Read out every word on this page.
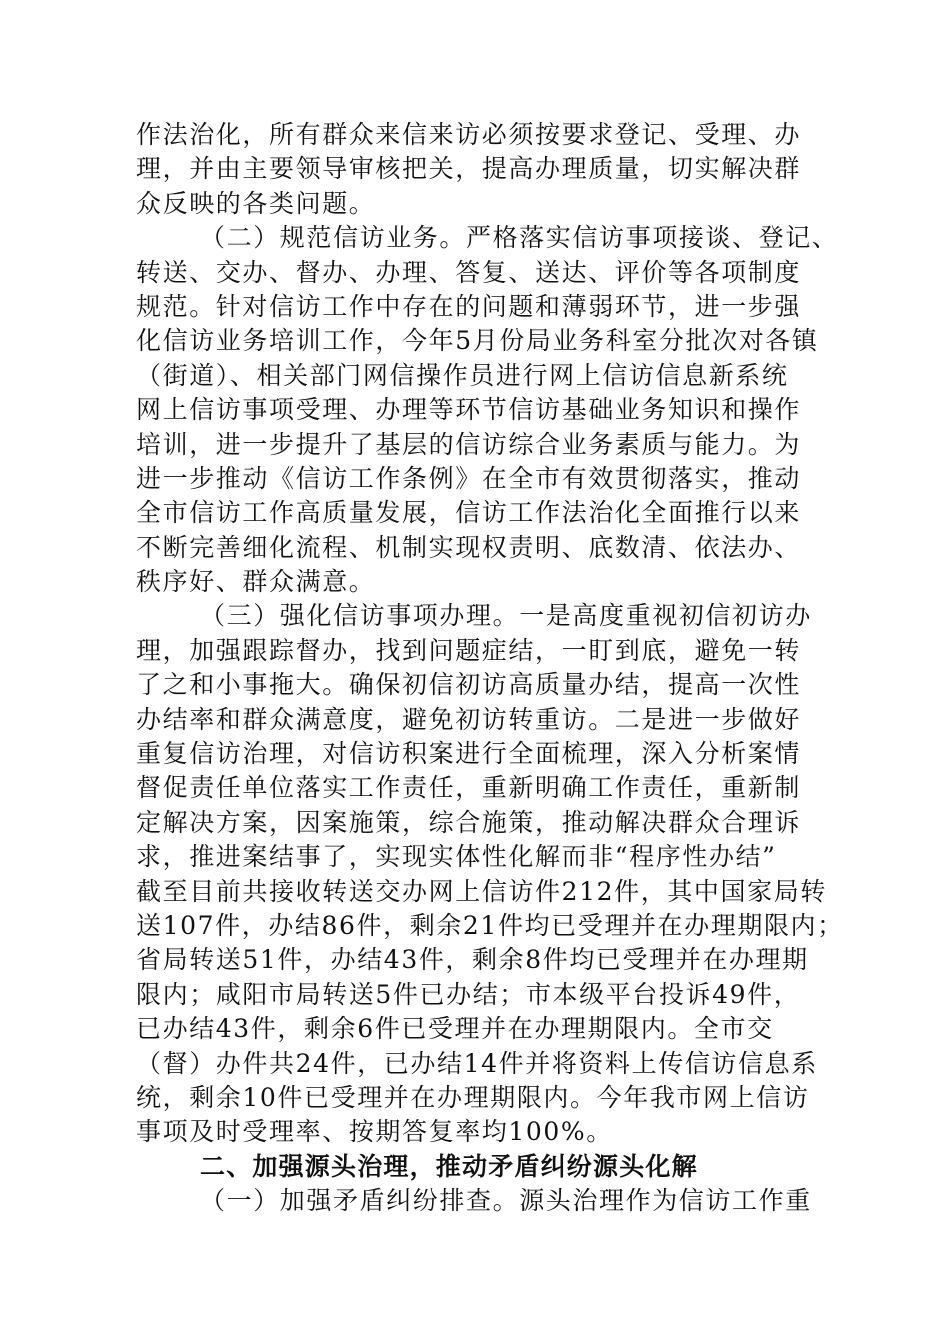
作法治化，所有群众来信来访必须按要求登记、受理、办
理，并由主要领导审核把关，提高办理质量，切实解决群
众反映的各类问题。
（二）规范信访业务。严格落实信访事项接谈、登记、
转送、交办、督办、办理、答复、送达、评价等各项制度
规范。针对信访工作中存在的问题和薄弱环节，进一步强
化信访业务培训工作，今年5月份局业务科室分批次对各镇
（街道）、相关部门网信操作员进行网上信访信息新系统
网上信访事项受理、办理等环节信访基础业务知识和操作
培训，进一步提升了基层的信访综合业务素质与能力。为
进一步推动《信访工作条例》在全市有效贯彻落实，推动
全市信访工作高质量发展，信访工作法治化全面推行以来
不断完善细化流程、机制实现权责明、底数清、依法办、
秩序好、群众满意。
（三）强化信访事项办理。一是高度重视初信初访办
理，加强跟踪督办，找到问题症结，一盯到底，避免一转
了之和小事拖大。确保初信初访高质量办结，提高一次性
办结率和群众满意度，避免初访转重访。二是进一步做好
重复信访治理，对信访积案进行全面梳理，深入分析案情
督促责任单位落实工作责任，重新明确工作责任，重新制
定解决方案，因案施策，综合施策，推动解决群众合理诉
求，推进案结事了，实现实体性化解而非“程序性办结”
截至目前共接收转送交办网上信访件212件，其中国家局转
送107件，办结86件，剩余21件均已受理并在办理期限内；
省局转送51件，办结43件，剩余8件均已受理并在办理期
限内；咸阳市局转送5件已办结；市本级平台投诉49件，
已办结43件，剩余6件已受理并在办理期限内。全市交
（督）办件共24件，已办结14件并将资料上传信访信息系
统，剩余10件已受理并在办理期限内。今年我市网上信访
事项及时受理率、按期答复率均100%。
二、加强源头治理，推动矛盾纠纷源头化解
（一）加强矛盾纠纷排查。源头治理作为信访工作重
